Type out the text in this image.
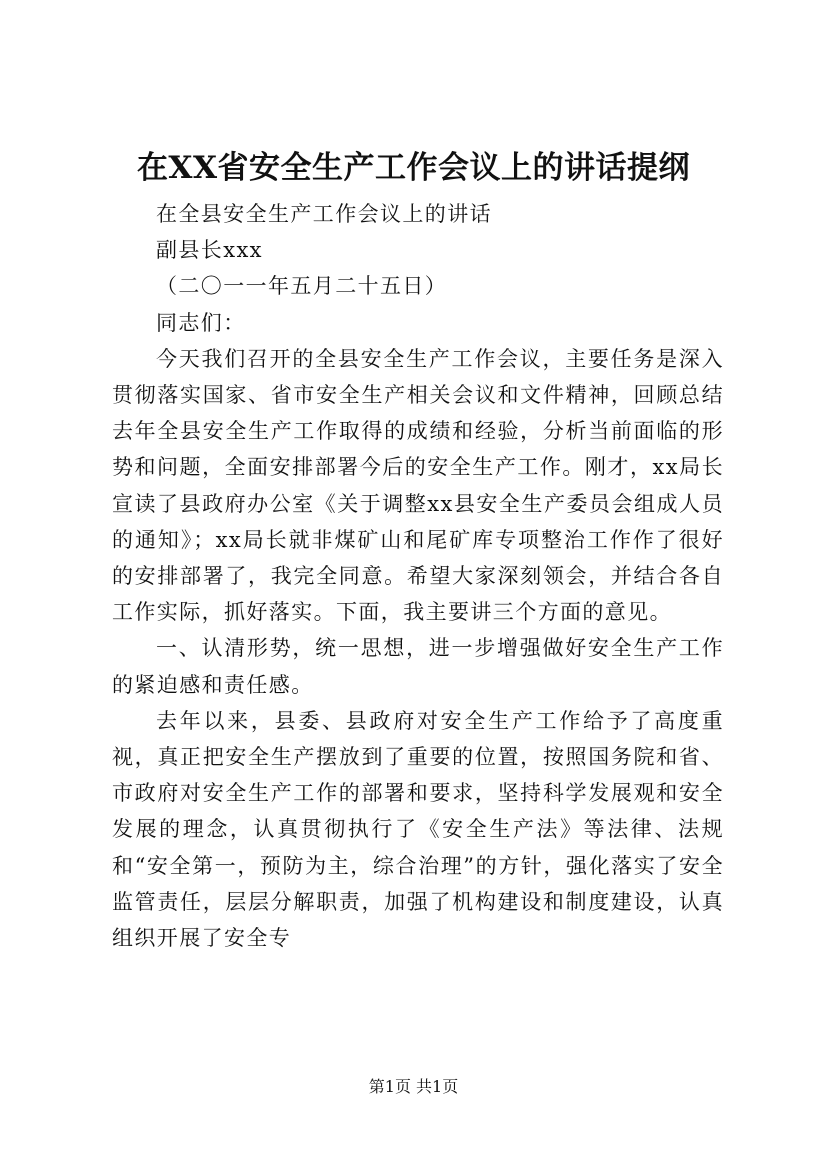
在XX省安全生产工作会议上的讲话提纲

在全县安全生产工作会议上的讲话

副县长xxx

（二〇一一年五月二十五日）

同志们：

今天我们召开的全县安全生产工作会议，主要任务是深入贯彻落实国家、省市安全生产相关会议和文件精神，回顾总结去年全县安全生产工作取得的成绩和经验，分析当前面临的形势和问题，全面安排部署今后的安全生产工作。刚才，xx局长宣读了县政府办公室《关于调整xx县安全生产委员会组成人员的通知》；xx局长就非煤矿山和尾矿库专项整治工作作了很好的安排部署了，我完全同意。希望大家深刻领会，并结合各自工作实际，抓好落实。下面，我主要讲三个方面的意见。

一、认清形势，统一思想，进一步增强做好安全生产工作的紧迫感和责任感。

去年以来，县委、县政府对安全生产工作给予了高度重视，真正把安全生产摆放到了重要的位置，按照国务院和省、市政府对安全生产工作的部署和要求，坚持科学发展观和安全发展的理念，认真贯彻执行了《安全生产法》等法律、法规和“安全第一，预防为主，综合治理”的方针，强化落实了安全监管责任，层层分解职责，加强了机构建设和制度建设，认真组织开展了安全专

第1页 共1页
